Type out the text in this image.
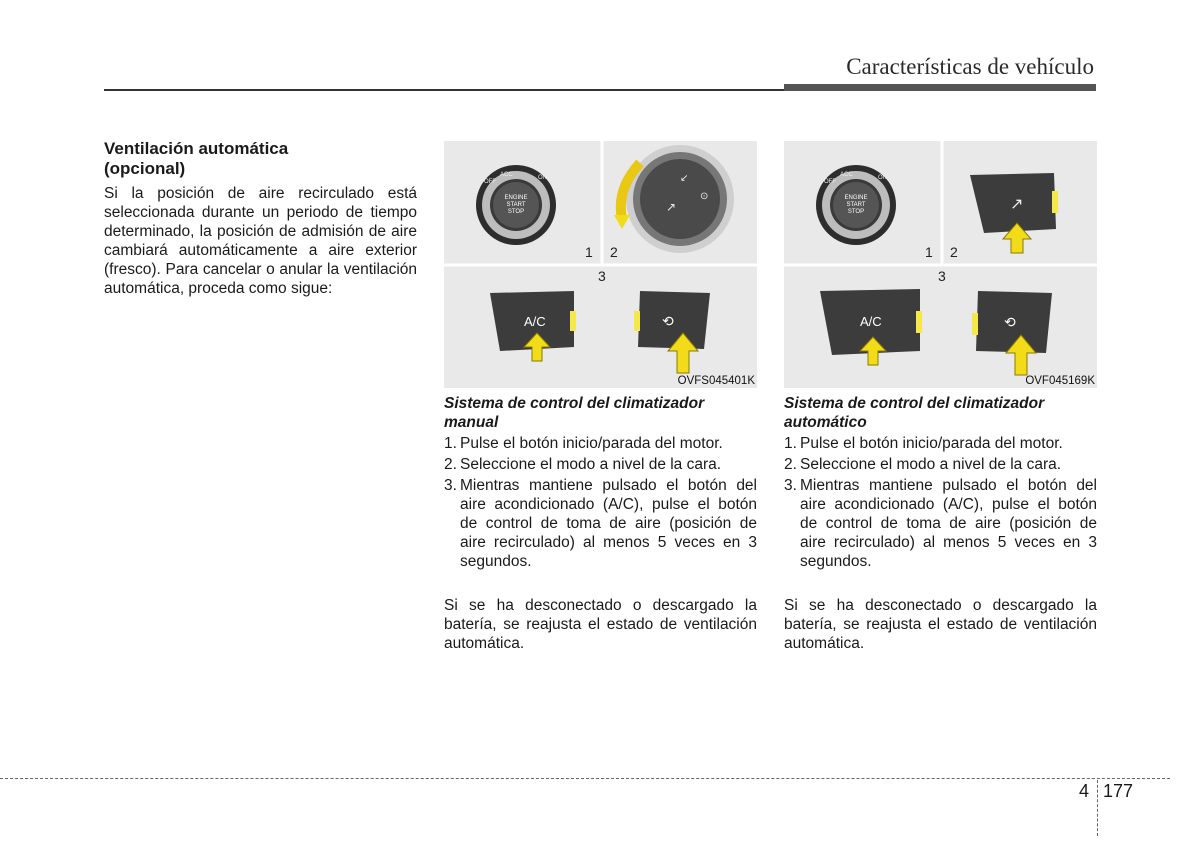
Características de vehículo
Ventilación automática
(opcional)
Si la posición de aire recirculado está seleccionada durante un periodo de tiempo determinado, la posición de admisión de aire cambiará automáticamente a aire exterior (fresco). Para cancelar o anular la ventilación automática, proceda como sigue:
ACC
OFF
ON
ENGINE
START
STOP	↗
↙
⊙
1 2
3
A/C	⟲
OVFS045401K
ACC
OFF
ON
ENGINE
START
STOP	↗
1 2
3
A/C	⟲
OVF045169K
Sistema de control del climatizador manual
Sistema de control del climatizador automático
1. Pulse el botón inicio/parada del motor.
2. Seleccione el modo a nivel de la cara.
3. Mientras mantiene pulsado el botón del aire acondicionado (A/C), pulse el botón de control de toma de aire (posición de aire recirculado) al menos 5 veces en 3 segundos.
1. Pulse el botón inicio/parada del motor.
2. Seleccione el modo a nivel de la cara.
3. Mientras mantiene pulsado el botón del aire acondicionado (A/C), pulse el botón de control de toma de aire (posición de aire recirculado) al menos 5 veces en 3 segundos.
Si se ha desconectado o descargado la batería, se reajusta el estado de ventilación automática.
Si se ha desconectado o descargado la batería, se reajusta el estado de ventilación automática.
4 177
